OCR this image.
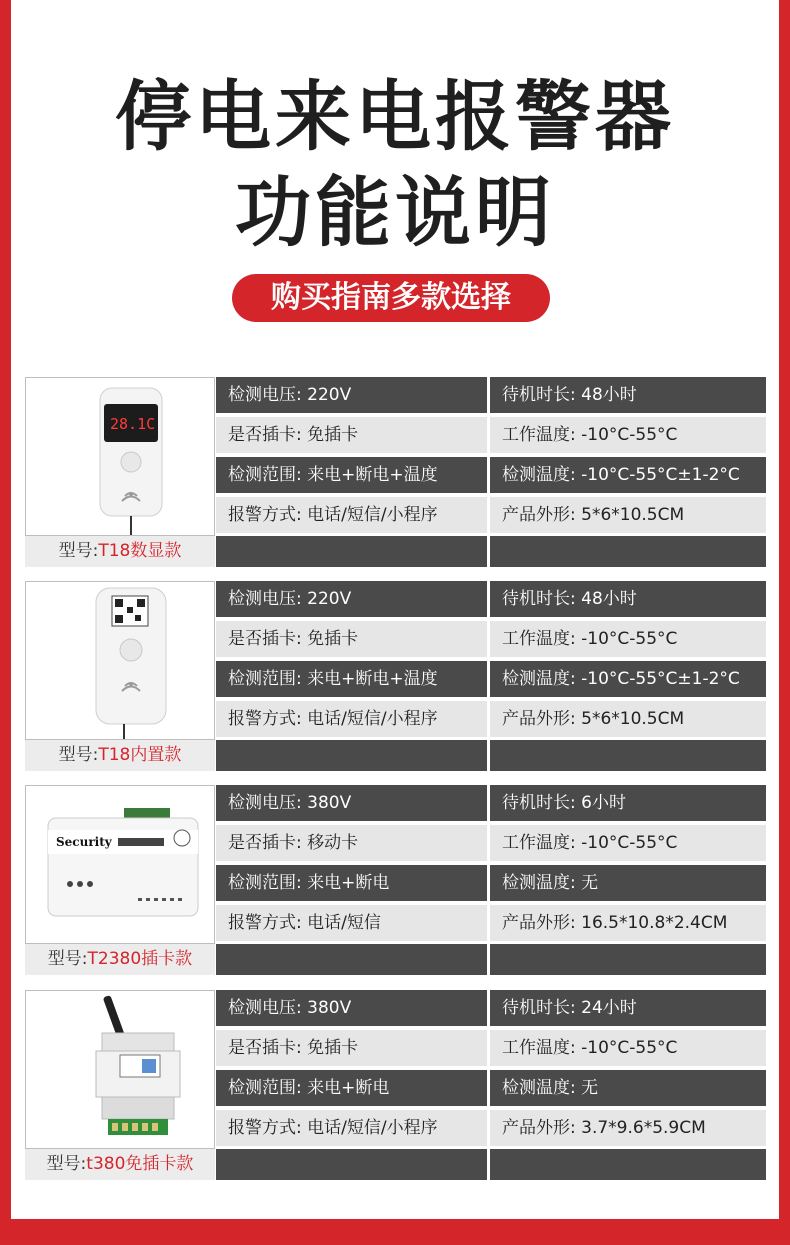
停电来电报警器
功能说明
购买指南多款选择
28.1C
型号:T18数显款
检测电压: 220V	待机时长: 48小时
是否插卡: 免插卡	工作温度: -10°C-55°C
检测范围: 来电+断电+温度	检测温度: -10°C-55°C±1-2°C
报警方式: 电话/短信/小程序	产品外形: 5*6*10.5CM
型号:T18内置款
检测电压: 220V	待机时长: 48小时
是否插卡: 免插卡	工作温度: -10°C-55°C
检测范围: 来电+断电+温度	检测温度: -10°C-55°C±1-2°C
报警方式: 电话/短信/小程序	产品外形: 5*6*10.5CM
Security
型号:T2380插卡款
检测电压: 380V	待机时长: 6小时
是否插卡: 移动卡	工作温度: -10°C-55°C
检测范围: 来电+断电	检测温度: 无
报警方式: 电话/短信	产品外形: 16.5*10.8*2.4CM
型号:t380免插卡款
检测电压: 380V	待机时长: 24小时
是否插卡: 免插卡	工作温度: -10°C-55°C
检测范围: 来电+断电	检测温度: 无
报警方式: 电话/短信/小程序	产品外形: 3.7*9.6*5.9CM
